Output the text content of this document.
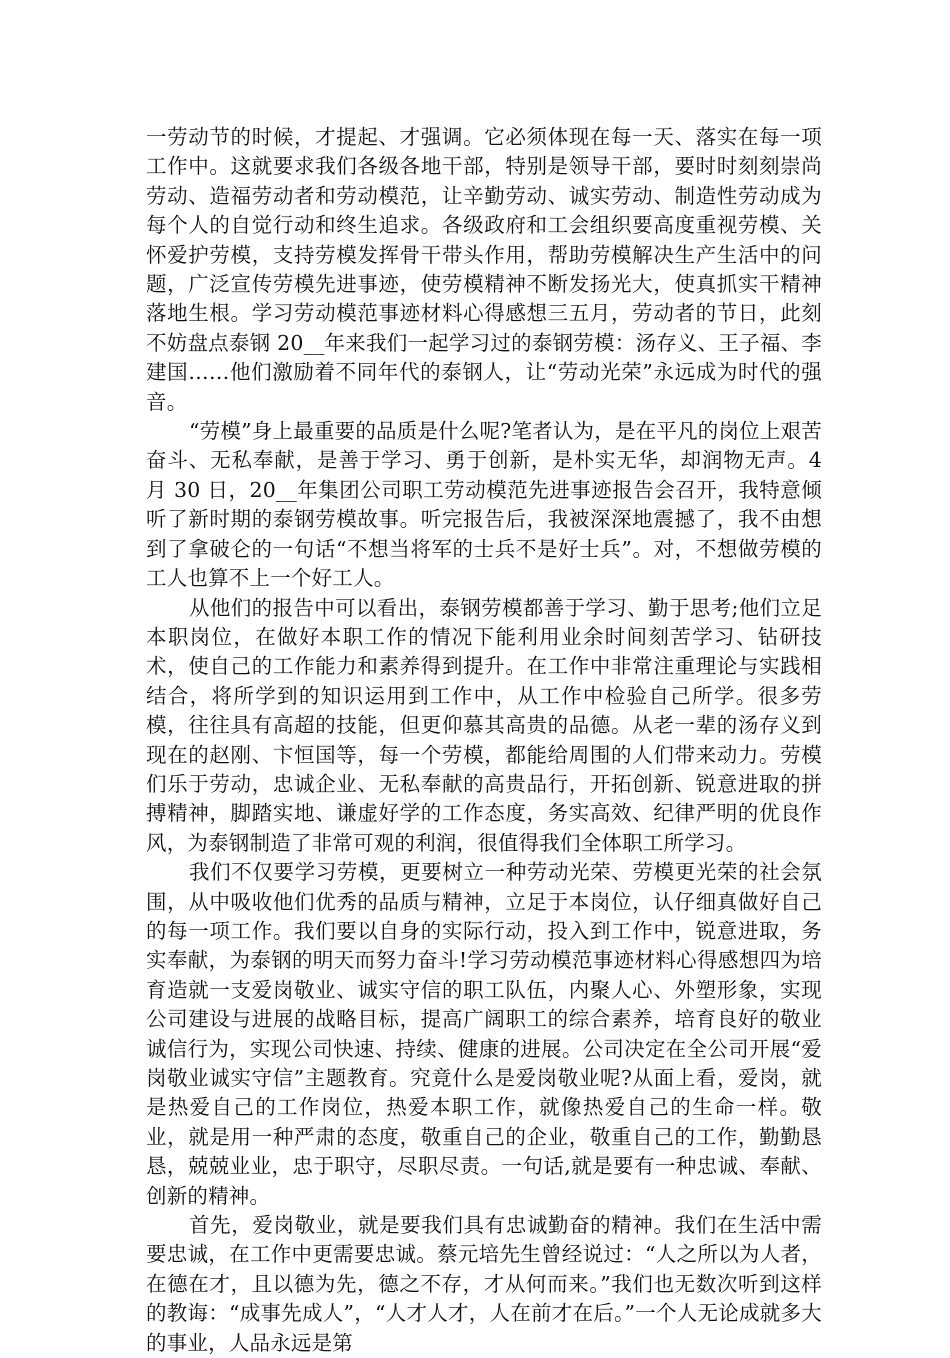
一劳动节的时候，才提起、才强调。它必须体现在每一天、落实在每一项工作中。这就要求我们各级各地干部，特别是领导干部，要时时刻刻崇尚劳动、造福劳动者和劳动模范，让辛勤劳动、诚实劳动、制造性劳动成为每个人的自觉行动和终生追求。各级政府和工会组织要高度重视劳模、关怀爱护劳模，支持劳模发挥骨干带头作用，帮助劳模解决生产生活中的问题，广泛宣传劳模先进事迹，使劳模精神不断发扬光大，使真抓实干精神落地生根。学习劳动模范事迹材料心得感想三五月，劳动者的节日，此刻不妨盘点泰钢 20__年来我们一起学习过的泰钢劳模：汤存义、王子福、李建国……他们激励着不同年代的泰钢人，让“劳动光荣”永远成为时代的强音。

“劳模”身上最重要的品质是什么呢?笔者认为，是在平凡的岗位上艰苦奋斗、无私奉献，是善于学习、勇于创新，是朴实无华，却润物无声。4 月 30 日，20__年集团公司职工劳动模范先进事迹报告会召开，我特意倾听了新时期的泰钢劳模故事。听完报告后，我被深深地震撼了，我不由想到了拿破仑的一句话“不想当将军的士兵不是好士兵”。对，不想做劳模的工人也算不上一个好工人。

从他们的报告中可以看出，泰钢劳模都善于学习、勤于思考;他们立足本职岗位，在做好本职工作的情况下能利用业余时间刻苦学习、钻研技术，使自己的工作能力和素养得到提升。在工作中非常注重理论与实践相结合，将所学到的知识运用到工作中，从工作中检验自己所学。很多劳模，往往具有高超的技能，但更仰慕其高贵的品德。从老一辈的汤存义到现在的赵刚、卞恒国等，每一个劳模，都能给周围的人们带来动力。劳模们乐于劳动，忠诚企业、无私奉献的高贵品行，开拓创新、锐意进取的拼搏精神，脚踏实地、谦虚好学的工作态度，务实高效、纪律严明的优良作风，为泰钢制造了非常可观的利润，很值得我们全体职工所学习。

我们不仅要学习劳模，更要树立一种劳动光荣、劳模更光荣的社会氛围，从中吸收他们优秀的品质与精神，立足于本岗位，认仔细真做好自己的每一项工作。我们要以自身的实际行动，投入到工作中，锐意进取，务实奉献，为泰钢的明天而努力奋斗!学习劳动模范事迹材料心得感想四为培育造就一支爱岗敬业、诚实守信的职工队伍，内聚人心、外塑形象，实现公司建设与进展的战略目标，提高广阔职工的综合素养，培育良好的敬业诚信行为，实现公司快速、持续、健康的进展。公司决定在全公司开展“爱岗敬业诚实守信”主题教育。究竟什么是爱岗敬业呢?从面上看，爱岗，就是热爱自己的工作岗位，热爱本职工作，就像热爱自己的生命一样。敬业，就是用一种严肃的态度，敬重自己的企业，敬重自己的工作，勤勤恳恳，兢兢业业，忠于职守，尽职尽责。一句话,就是要有一种忠诚、奉献、创新的精神。

首先，爱岗敬业，就是要我们具有忠诚勤奋的精神。我们在生活中需要忠诚，在工作中更需要忠诚。蔡元培先生曾经说过：“人之所以为人者，在德在才，且以德为先，德之不存，才从何而来。”我们也无数次听到这样的教诲：“成事先成人”，“人才人才，人在前才在后。”一个人无论成就多大的事业，人品永远是第
